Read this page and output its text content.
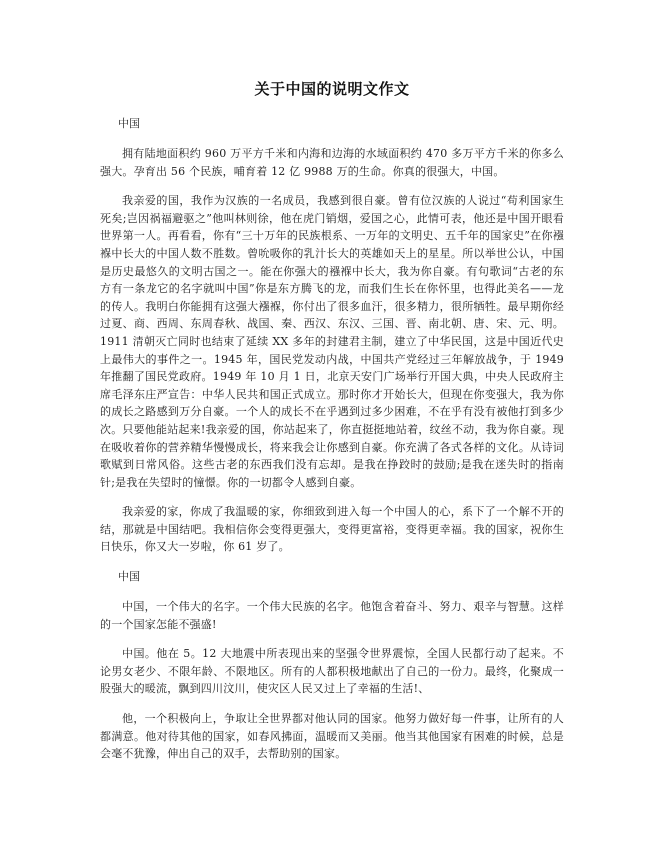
关于中国的说明文作文
中国

拥有陆地面积约 960 万平方千米和内海和边海的水域面积约 470 多万平方千米的你多么强大。孕育出 56 个民族，哺育着 12 亿 9988 万的生命。你真的很强大，中国。

我亲爱的国，我作为汉族的一名成员，我感到很自豪。曾有位汉族的人说过“苟利国家生死矣;岂因祸福避驱之”他叫林则徐，他在虎门销烟，爱国之心，此情可表，他还是中国开眼看世界第一人。再看看，你有“三十万年的民族根系、一万年的文明史、五千年的国家史”在你襁褓中长大的中国人数不胜数。曾吮吸你的乳汁长大的英雄如天上的星星。所以举世公认，中国是历史最悠久的文明古国之一。能在你强大的襁褓中长大，我为你自豪。有句歌词“古老的东方有一条龙它的名字就叫中国”你是东方腾飞的龙，而我们生长在你怀里，也得此美名——龙的传人。我明白你能拥有这强大襁褓，你付出了很多血汗，很多精力，很所牺牲。最早期你经过夏、商、西周、东周春秋、战国、秦、西汉、东汉、三国、晋、南北朝、唐、宋、元、明。1911 清朝灭亡同时也结束了延续 XX 多年的封建君主制，建立了中华民国，这是中国近代史上最伟大的事件之一。1945 年，国民党发动内战，中国共产党经过三年解放战争，于 1949 年推翻了国民党政府。1949 年 10 月 1 日，北京天安门广场举行开国大典，中央人民政府主席毛泽东庄严宣告：中华人民共和国正式成立。那时你才开始长大，但现在你变强大，我为你的成长之路感到万分自豪。一个人的成长不在乎遇到过多少困难，不在乎有没有被他打到多少次。只要他能站起来!我亲爱的国，你站起来了，你直挺挺地站着，纹丝不动，我为你自豪。现在吸收着你的营养精华慢慢成长，将来我会让你感到自豪。你充满了各式各样的文化。从诗词歌赋到日常风俗。这些古老的东西我们没有忘却。是我在挣跤时的鼓励;是我在迷失时的指南针;是我在失望时的憧憬。你的一切都令人感到自豪。

我亲爱的家，你成了我温暖的家，你细致到进入每一个中国人的心，系下了一个解不开的结，那就是中国结吧。我相信你会变得更强大，变得更富裕，变得更幸福。我的国家，祝你生日快乐，你又大一岁啦，你 61 岁了。

中国

中国，一个伟大的名字。一个伟大民族的名字。他饱含着奋斗、努力、艰辛与智慧。这样的一个国家怎能不强盛!

中国。他在 5。12 大地震中所表现出来的坚强令世界震惊，全国人民都行动了起来。不论男女老少、不限年龄、不限地区。所有的人都积极地献出了自己的一份力。最终，化聚成一股强大的暖流，飘到四川汶川，使灾区人民又过上了幸福的生活!、

他，一个积极向上，争取让全世界都对他认同的国家。他努力做好每一件事，让所有的人都满意。他对待其他的国家，如春风拂面，温暖而又美丽。他当其他国家有困难的时候，总是会毫不犹豫，伸出自己的双手，去帮助别的国家。
